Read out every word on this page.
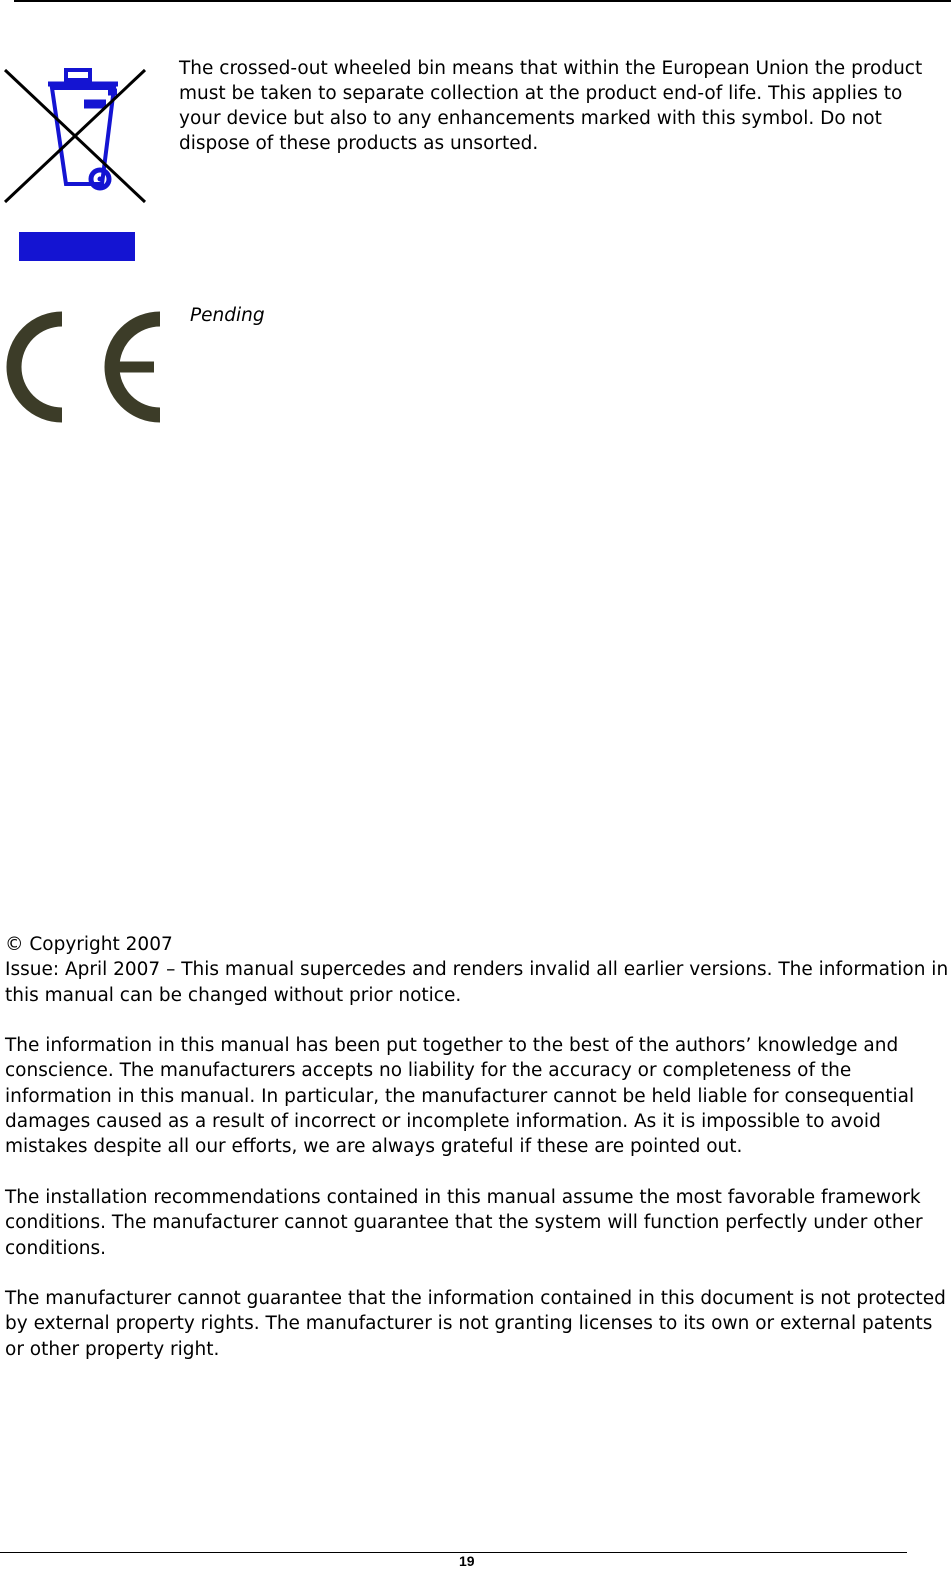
The crossed-out wheeled bin means that within the European Union the product must be taken to separate collection at the product end-of life. This applies to your device but also to any enhancements marked with this symbol. Do not dispose of these products as unsorted.

Pending

© Copyright 2007

Issue: April 2007 – This manual supercedes and renders invalid all earlier versions. The information in this manual can be changed without prior notice.

The information in this manual has been put together to the best of the authors’ knowledge and conscience. The manufacturers accepts no liability for the accuracy or completeness of the information in this manual. In particular, the manufacturer cannot be held liable for consequential damages caused as a result of incorrect or incomplete information. As it is impossible to avoid mistakes despite all our efforts, we are always grateful if these are pointed out.

The installation recommendations contained in this manual assume the most favorable framework conditions. The manufacturer cannot guarantee that the system will function perfectly under other conditions.

The manufacturer cannot guarantee that the information contained in this document is not protected by external property rights. The manufacturer is not granting licenses to its own or external patents or other property right.

19
